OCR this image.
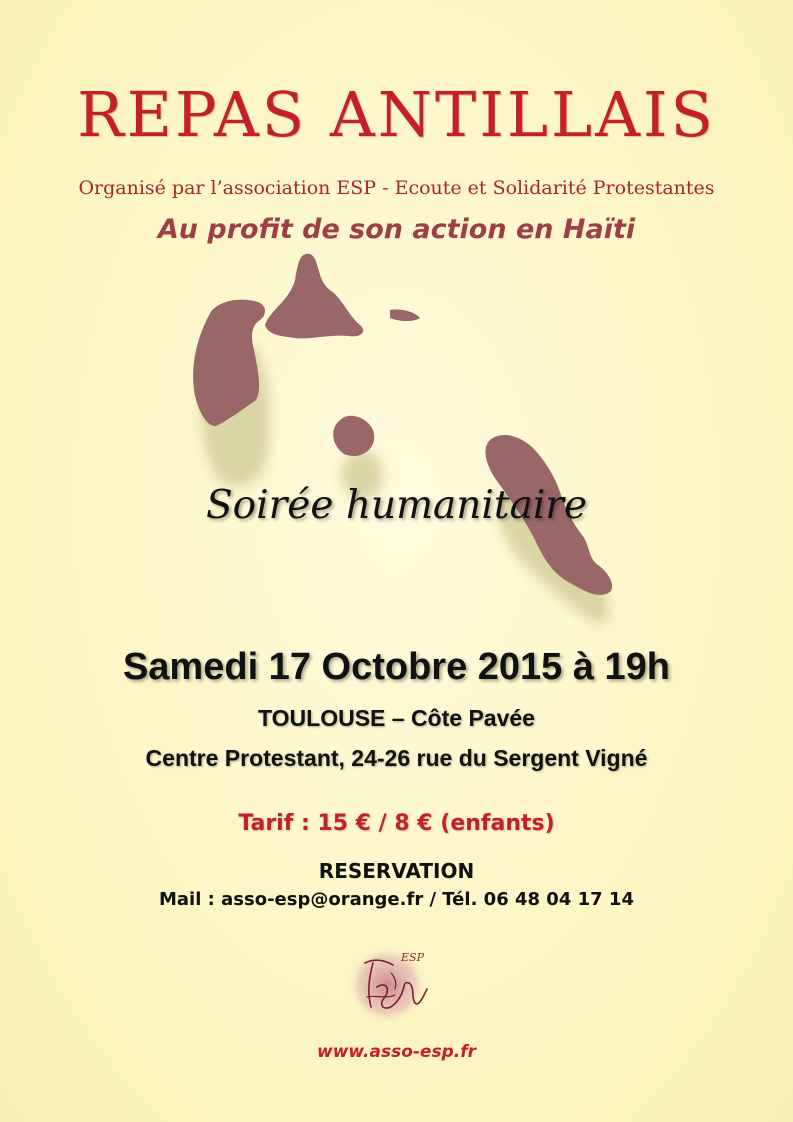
REPAS ANTILLAIS
Organisé par l’association ESP - Ecoute et Solidarité Protestantes
Au profit de son action en Haïti
Soirée humanitaire
Samedi 17 Octobre 2015 à 19h
TOULOUSE – Côte Pavée
Centre Protestant, 24-26 rue du Sergent Vigné
Tarif : 15 € / 8 € (enfants)
RESERVATION
Mail : asso-esp@orange.fr / Tél. 06 48 04 17 14
ESP
www.asso-esp.fr
